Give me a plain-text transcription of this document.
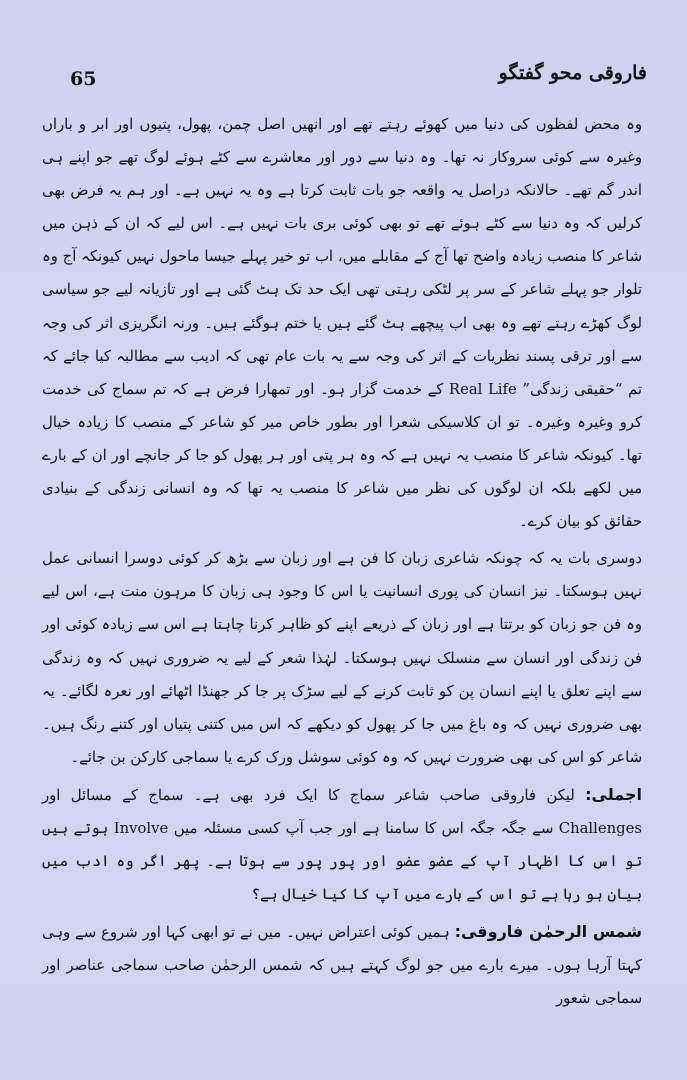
65	فاروقی محو گفتگو

وہ محض لفظوں کی دنیا میں کھوئے رہتے تھے اور انھیں اصل چمن، پھول، پتیوں اور ابر و باراں وغیرہ سے کوئی سروکار نہ تھا۔ وہ دنیا سے دور اور معاشرے سے کٹے ہوئے لوگ تھے جو اپنے ہی اندر گم تھے۔ حالانکہ دراصل یہ واقعہ جو بات ثابت کرتا ہے وہ یہ نہیں ہے۔ اور ہم یہ فرض بھی کرلیں کہ وہ دنیا سے کٹے ہوئے تھے تو بھی کوئی بری بات نہیں ہے۔ اس لیے کہ ان کے ذہن میں شاعر کا منصب زیادہ واضح تھا آج کے مقابلے میں، اب تو خیر پہلے جیسا ماحول نہیں کیونکہ آج وہ تلوار جو پہلے شاعر کے سر پر لٹکی رہتی تھی ایک حد تک ہٹ گئی ہے اور تازیانہ لیے جو سیاسی لوگ کھڑے رہتے تھے وہ بھی اب پیچھے ہٹ گئے ہیں یا ختم ہوگئے ہیں۔ ورنہ انگریزی اثر کی وجہ سے اور ترقی پسند نظریات کے اثر کی وجہ سے یہ بات عام تھی کہ ادیب سے مطالبہ کیا جائے کہ تم “حقیقی زندگی” Real Life کے خدمت گزار ہو۔ اور تمھارا فرض ہے کہ تم سماج کی خدمت کرو وغیرہ وغیرہ۔ تو ان کلاسیکی شعرا اور بطور خاص میر کو شاعر کے منصب کا زیادہ خیال تھا۔ کیونکہ شاعر کا منصب یہ نہیں ہے کہ وہ ہر پتی اور ہر پھول کو جا کر جانچے اور ان کے بارے میں لکھے بلکہ ان لوگوں کی نظر میں شاعر کا منصب یہ تھا کہ وہ انسانی زندگی کے بنیادی حقائق کو بیان کرے۔

دوسری بات یہ کہ چونکہ شاعری زبان کا فن ہے اور زبان سے بڑھ کر کوئی دوسرا انسانی عمل نہیں ہوسکتا۔ نیز انسان کی پوری انسانیت یا اس کا وجود ہی زبان کا مرہون منت ہے، اس لیے وہ فن جو زبان کو برتتا ہے اور زبان کے ذریعے اپنے کو ظاہر کرنا چاہتا ہے اس سے زیادہ کوئی اور فن زندگی اور انسان سے منسلک نہیں ہوسکتا۔ لہٰذا شعر کے لیے یہ ضروری نہیں کہ وہ زندگی سے اپنے تعلق یا اپنے انسان پن کو ثابت کرنے کے لیے سڑک پر جا کر جھنڈا اٹھائے اور نعرہ لگائے۔ یہ بھی ضروری نہیں کہ وہ باغ میں جا کر پھول کو دیکھے کہ اس میں کتنی پتیاں اور کتنے رنگ ہیں۔ شاعر کو اس کی بھی ضرورت نہیں کہ وہ کوئی سوشل ورک کرے یا سماجی کارکن بن جائے۔

اجملی: لیکن فاروقی صاحب شاعر سماج کا ایک فرد بھی ہے۔ سماج کے مسائل اور Challenges سے جگہ جگہ اس کا سامنا ہے اور جب آپ کسی مسئلہ میں Involve ہوتے ہیں تو اس کا اظہار آپ کے عضو عضو اور پور پور سے ہوتا ہے۔ پھر اگر وہ ادب میں بیان ہو رہا ہے تو اس کے بارے میں آپ کا کیا خیال ہے؟

شمس الرحمٰن فاروقی: ہمیں کوئی اعتراض نہیں۔ میں نے تو ابھی کہا اور شروع سے وہی کہتا آرہا ہوں۔ میرے بارے میں جو لوگ کہتے ہیں کہ شمس الرحمٰن صاحب سماجی عناصر اور سماجی شعور
